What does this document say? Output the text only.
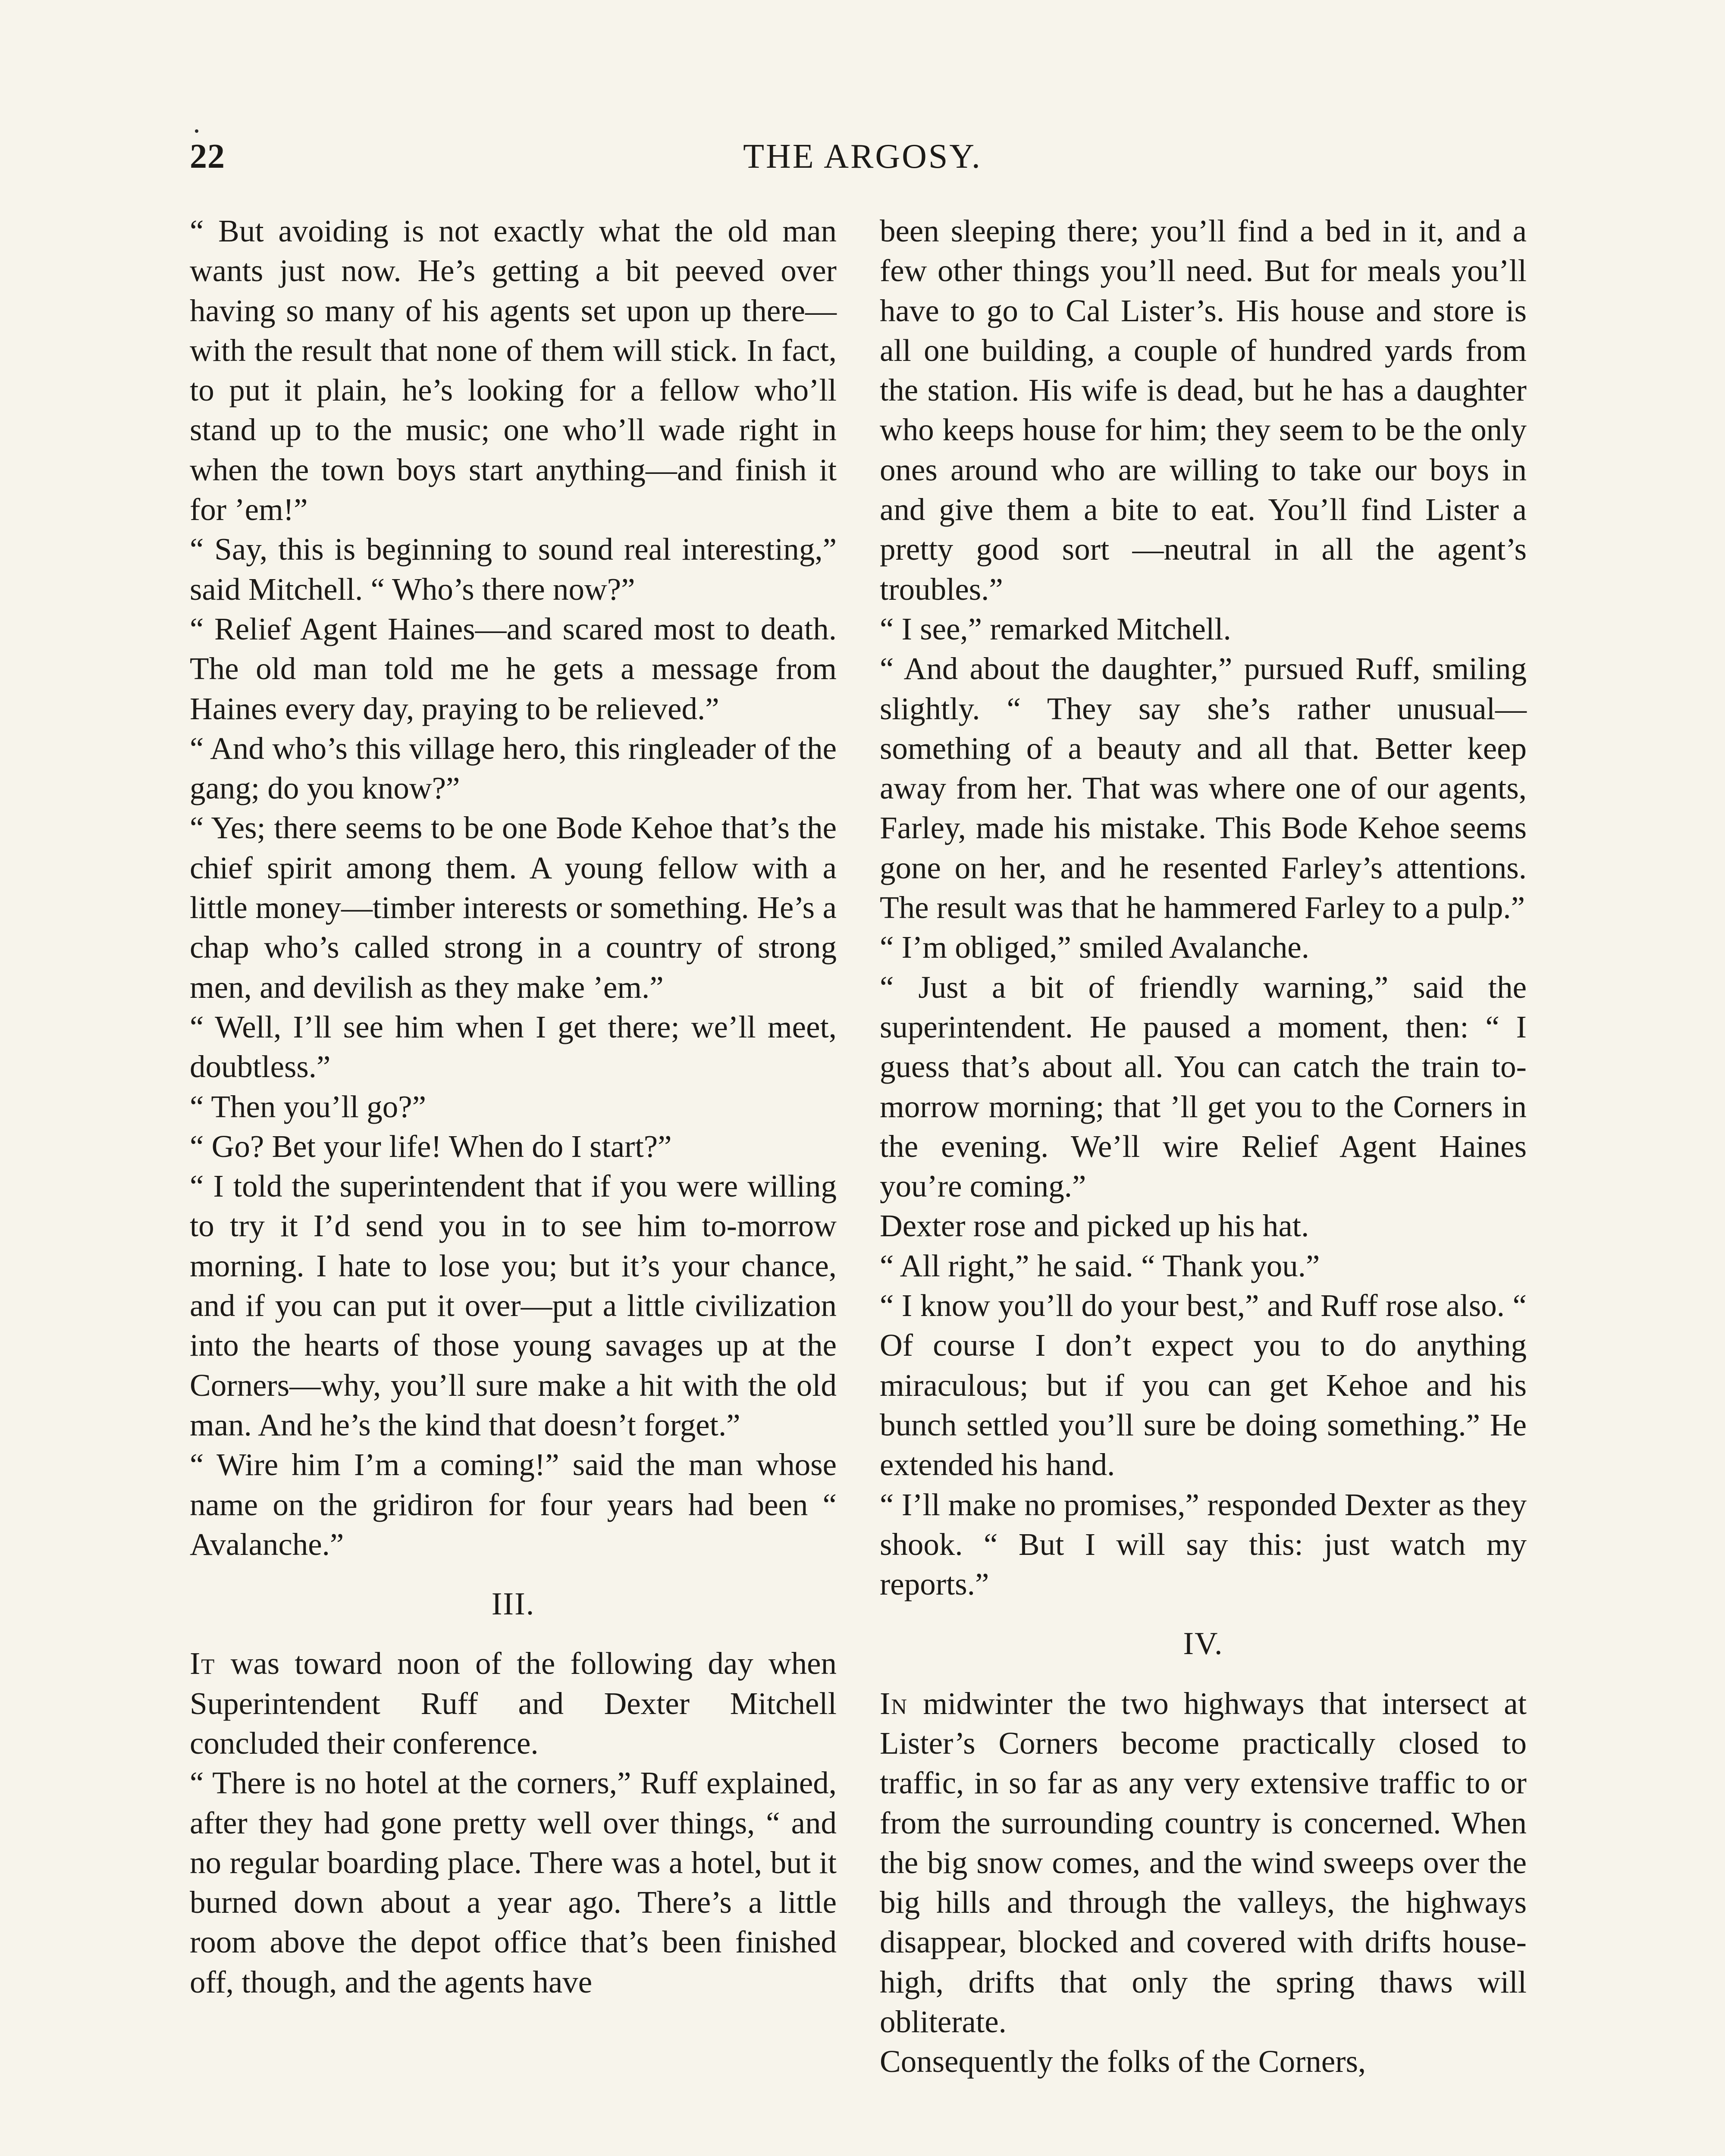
22	THE ARGOSY.

“ But avoiding is not exactly what the old man wants just now. He’s getting a bit peeved over having so many of his agents set upon up there—with the result that none of them will stick. In fact, to put it plain, he’s looking for a fellow who’ll stand up to the music; one who’ll wade right in when the town boys start anything—and finish it for ’em!”

“ Say, this is beginning to sound real interesting,” said Mitchell. “ Who’s there now?”

“ Relief Agent Haines—and scared most to death. The old man told me he gets a message from Haines every day, praying to be relieved.”

“ And who’s this village hero, this ringleader of the gang; do you know?”

“ Yes; there seems to be one Bode Kehoe that’s the chief spirit among them. A young fellow with a little money—timber interests or something. He’s a chap who’s called strong in a country of strong men, and devilish as they make ’em.”

“ Well, I’ll see him when I get there; we’ll meet, doubtless.”

“ Then you’ll go?”

“ Go? Bet your life! When do I start?”

“ I told the superintendent that if you were willing to try it I’d send you in to see him to-morrow morning. I hate to lose you; but it’s your chance, and if you can put it over—put a little civilization into the hearts of those young savages up at the Corners—why, you’ll sure make a hit with the old man. And he’s the kind that doesn’t forget.”

“ Wire him I’m a coming!” said the man whose name on the gridiron for four years had been “ Avalanche.”

III.

It was toward noon of the following day when Superintendent Ruff and Dexter Mitchell concluded their conference.

“ There is no hotel at the corners,” Ruff explained, after they had gone pretty well over things, “ and no regular boarding place. There was a hotel, but it burned down about a year ago. There’s a little room above the depot office that’s been finished off, though, and the agents have

been sleeping there; you’ll find a bed in it, and a few other things you’ll need. But for meals you’ll have to go to Cal Lister’s. His house and store is all one building, a couple of hundred yards from the station. His wife is dead, but he has a daughter who keeps house for him; they seem to be the only ones around who are willing to take our boys in and give them a bite to eat. You’ll find Lister a pretty good sort —neutral in all the agent’s troubles.”

“ I see,” remarked Mitchell.

“ And about the daughter,” pursued Ruff, smiling slightly. “ They say she’s rather unusual—something of a beauty and all that. Better keep away from her. That was where one of our agents, Farley, made his mistake. This Bode Kehoe seems gone on her, and he resented Farley’s attentions. The result was that he hammered Farley to a pulp.”

“ I’m obliged,” smiled Avalanche.

“ Just a bit of friendly warning,” said the superintendent. He paused a moment, then: “ I guess that’s about all. You can catch the train to-morrow morning; that ’ll get you to the Corners in the evening. We’ll wire Relief Agent Haines you’re coming.”

Dexter rose and picked up his hat.

“ All right,” he said. “ Thank you.”

“ I know you’ll do your best,” and Ruff rose also. “ Of course I don’t expect you to do anything miraculous; but if you can get Kehoe and his bunch settled you’ll sure be doing something.” He extended his hand.

“ I’ll make no promises,” responded Dexter as they shook. “ But I will say this: just watch my reports.”

IV.

In midwinter the two highways that intersect at Lister’s Corners become practically closed to traffic, in so far as any very extensive traffic to or from the surrounding country is concerned. When the big snow comes, and the wind sweeps over the big hills and through the valleys, the highways disappear, blocked and covered with drifts house-high, drifts that only the spring thaws will obliterate.

Consequently the folks of the Corners,
